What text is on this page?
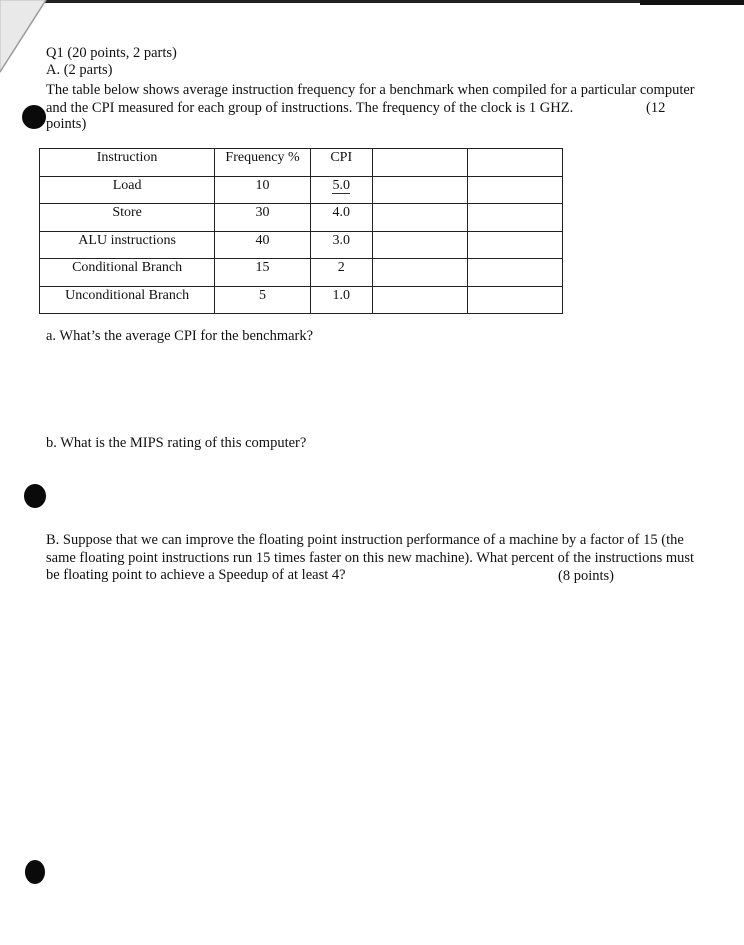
Q1 (20 points, 2 parts)
A. (2 parts)
The table below shows average instruction frequency for a benchmark when compiled for a particular computer
and the CPI measured for each group of instructions. The frequency of the clock is 1 GHZ.	(12
points)
Instruction	Frequency %	CPI		
Load	10	5.0		
Store	30	4.0		
ALU instructions	40	3.0		
Conditional Branch	15	2		
Unconditional Branch	5	1.0		
a. What’s the average CPI for the benchmark?
b. What is the MIPS rating of this computer?
B. Suppose that we can improve the floating point instruction performance of a machine by a factor of 15 (the
same floating point instructions run 15 times faster on this new machine). What percent of the instructions must
be floating point to achieve a Speedup of at least 4?	(8 points)
